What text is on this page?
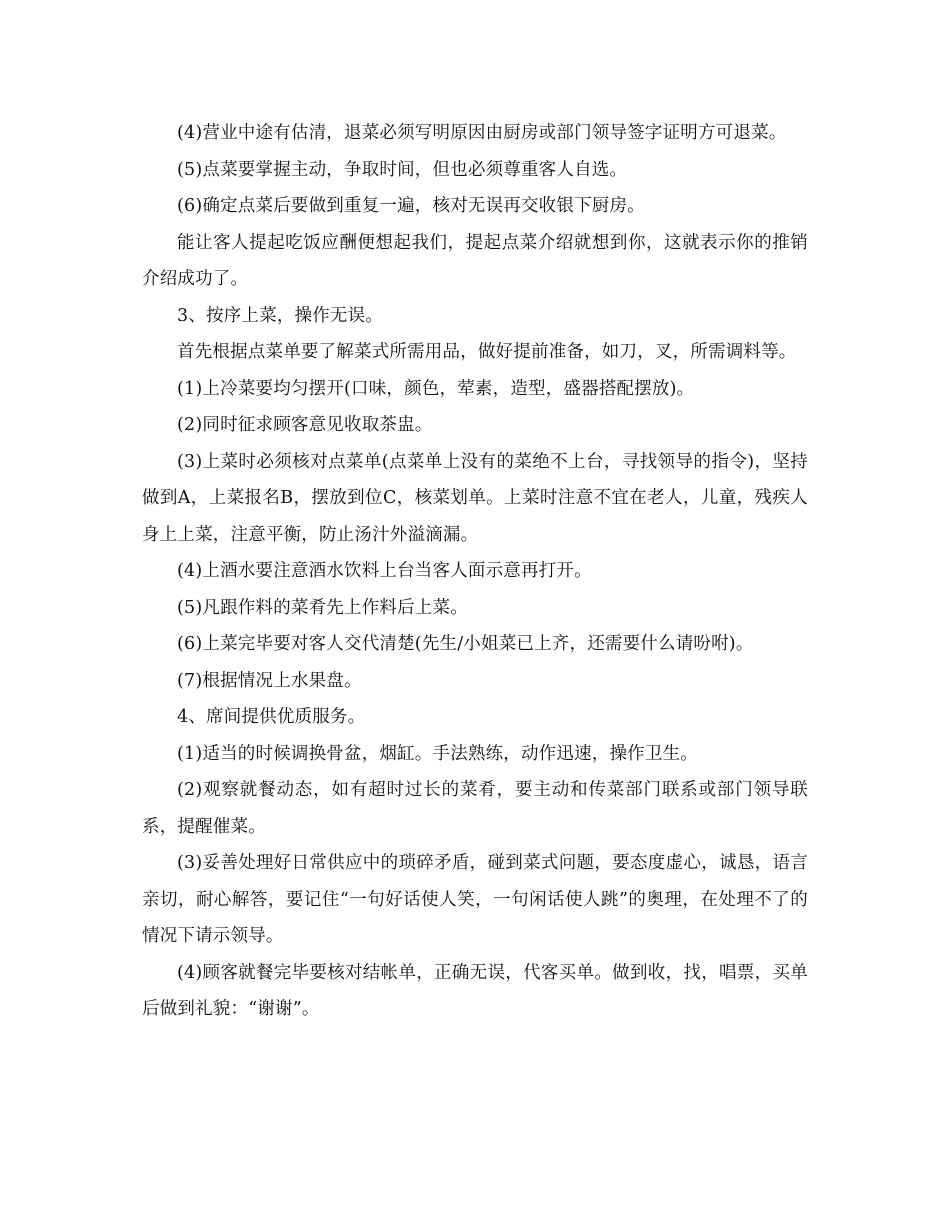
(4)营业中途有估清，退菜必须写明原因由厨房或部门领导签字证明方可退菜。

(5)点菜要掌握主动，争取时间，但也必须尊重客人自选。

(6)确定点菜后要做到重复一遍，核对无误再交收银下厨房。

能让客人提起吃饭应酬便想起我们，提起点菜介绍就想到你，这就表示你的推销介绍成功了。

3、按序上菜，操作无误。

首先根据点菜单要了解菜式所需用品，做好提前准备，如刀，叉，所需调料等。

(1)上冷菜要均匀摆开(口味，颜色，荤素，造型，盛器搭配摆放)。

(2)同时征求顾客意见收取茶盅。

(3)上菜时必须核对点菜单(点菜单上没有的菜绝不上台，寻找领导的指令)，坚持做到A，上菜报名B，摆放到位C，核菜划单。上菜时注意不宜在老人，儿童，残疾人身上上菜，注意平衡，防止汤汁外溢滴漏。

(4)上酒水要注意酒水饮料上台当客人面示意再打开。

(5)凡跟作料的菜肴先上作料后上菜。

(6)上菜完毕要对客人交代清楚(先生/小姐菜已上齐，还需要什么请吩咐)。

(7)根据情况上水果盘。

4、席间提供优质服务。

(1)适当的时候调换骨盆，烟缸。手法熟练，动作迅速，操作卫生。

(2)观察就餐动态，如有超时过长的菜肴，要主动和传菜部门联系或部门领导联系，提醒催菜。

(3)妥善处理好日常供应中的琐碎矛盾，碰到菜式问题，要态度虚心，诚恳，语言亲切，耐心解答，要记住“一句好话使人笑，一句闲话使人跳”的奥理，在处理不了的情况下请示领导。

(4)顾客就餐完毕要核对结帐单，正确无误，代客买单。做到收，找，唱票，买单后做到礼貌：“谢谢”。
